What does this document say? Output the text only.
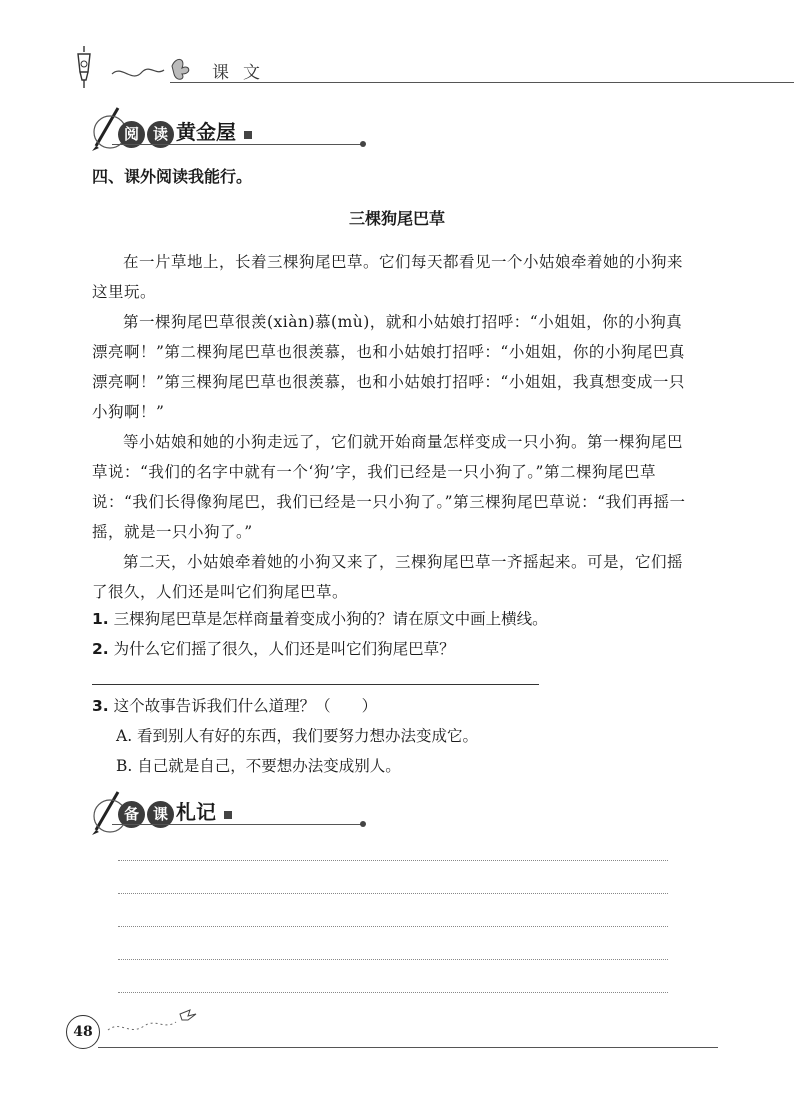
课文
阅 读 黄金屋
四、课外阅读我能行。
三棵狗尾巴草

在一片草地上，长着三棵狗尾巴草。它们每天都看见一个小姑娘牵着她的小狗来这里玩。

第一棵狗尾巴草很羡(xiàn)慕(mù)，就和小姑娘打招呼：“小姐姐，你的小狗真漂亮啊！”第二棵狗尾巴草也很羡慕，也和小姑娘打招呼：“小姐姐，你的小狗尾巴真漂亮啊！”第三棵狗尾巴草也很羡慕，也和小姑娘打招呼：“小姐姐，我真想变成一只小狗啊！”

等小姑娘和她的小狗走远了，它们就开始商量怎样变成一只小狗。第一棵狗尾巴草说：“我们的名字中就有一个‘狗’字，我们已经是一只小狗了。”第二棵狗尾巴草说：“我们长得像狗尾巴，我们已经是一只小狗了。”第三棵狗尾巴草说：“我们再摇一摇，就是一只小狗了。”

第二天，小姑娘牵着她的小狗又来了，三棵狗尾巴草一齐摇起来。可是，它们摇了很久，人们还是叫它们狗尾巴草。

1. 三棵狗尾巴草是怎样商量着变成小狗的？请在原文中画上横线。

2. 为什么它们摇了很久，人们还是叫它们狗尾巴草？

3. 这个故事告诉我们什么道理？（　　）

A. 看到别人有好的东西，我们要努力想办法变成它。

B. 自己就是自己，不要想办法变成别人。

备 课 札记
48
